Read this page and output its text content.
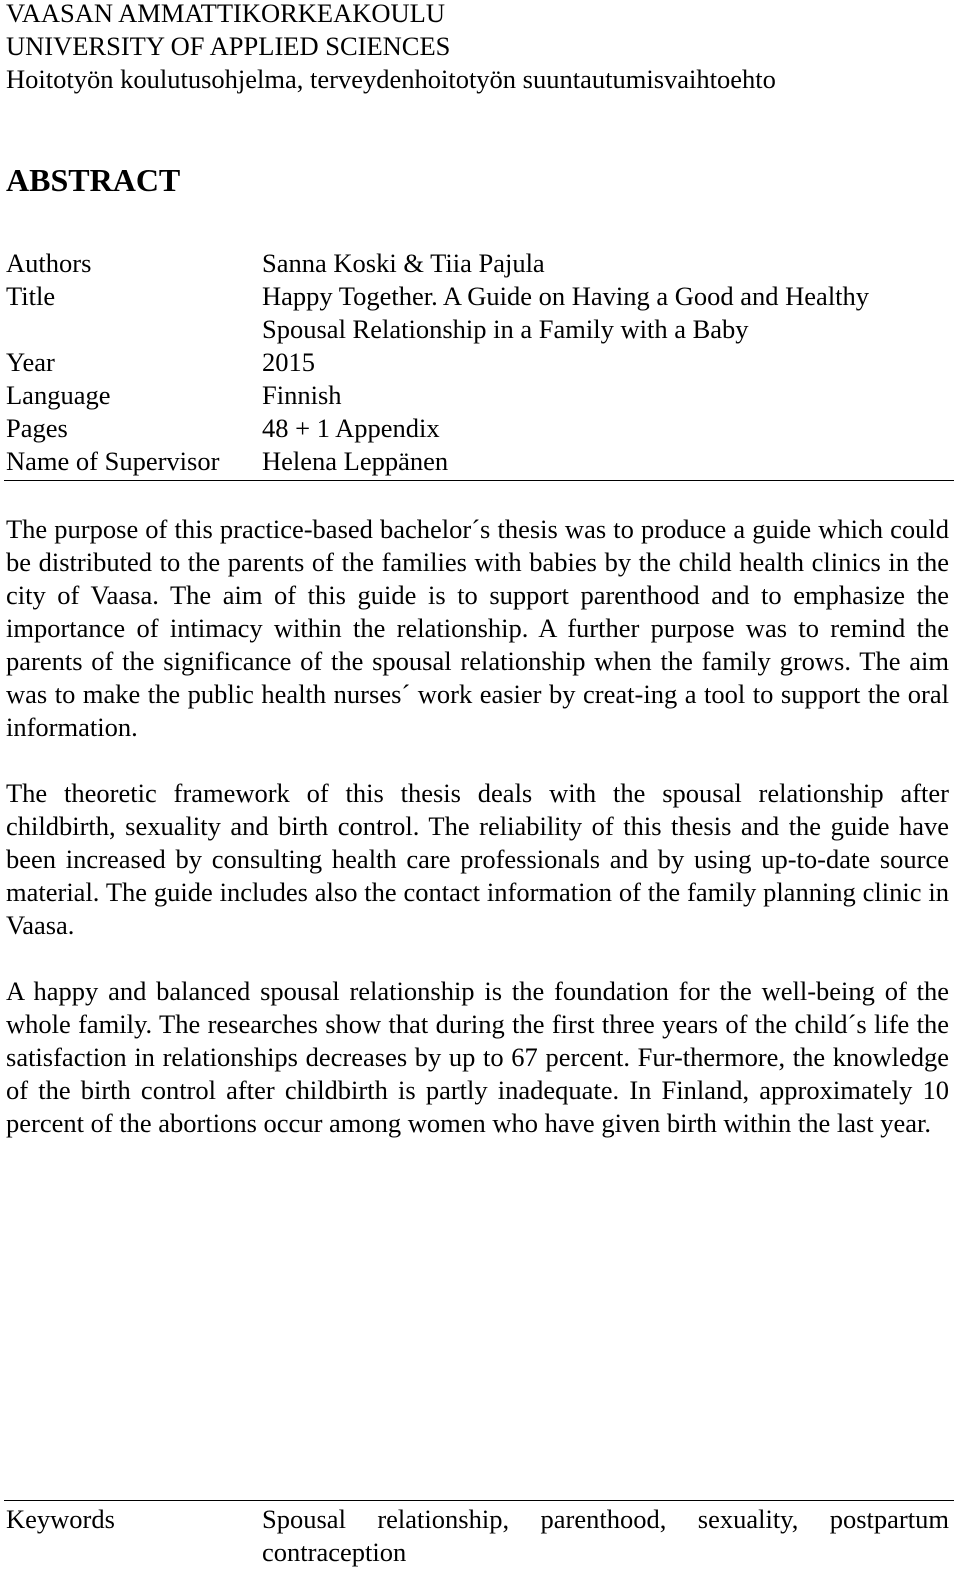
VAASAN AMMATTIKORKEAKOULU
UNIVERSITY OF APPLIED SCIENCES
Hoitotyön koulutusohjelma, terveydenhoitotyön suuntautumisvaihtoehto
ABSTRACT
Authors	Sanna Koski & Tiia Pajula
Title	Happy Together. A Guide on Having a Good and Healthy Spousal Relationship in a Family with a Baby
Year	2015
Language	Finnish
Pages	48 + 1 Appendix
Name of Supervisor	Helena Leppänen

The purpose of this practice-based bachelor´s thesis was to produce a guide which could be distributed to the parents of the families with babies by the child health clinics in the city of Vaasa. The aim of this guide is to support parenthood and to emphasize the importance of intimacy within the relationship. A further purpose was to remind the parents of the significance of the spousal relationship when the family grows. The aim was to make the public health nurses´ work easier by creat-ing a tool to support the oral information.

The theoretic framework of this thesis deals with the spousal relationship after childbirth, sexuality and birth control. The reliability of this thesis and the guide have been increased by consulting health care professionals and by using up-to-date source material. The guide includes also the contact information of the family planning clinic in Vaasa.

A happy and balanced spousal relationship is the foundation for the well-being of the whole family. The researches show that during the first three years of the child´s life the satisfaction in relationships decreases by up to 67 percent. Fur-thermore, the knowledge of the birth control after childbirth is partly inadequate. In Finland, approximately 10 percent of the abortions occur among women who have given birth within the last year.

Keywords	Spousal relationship, parenthood, sexuality, postpartum contraception
